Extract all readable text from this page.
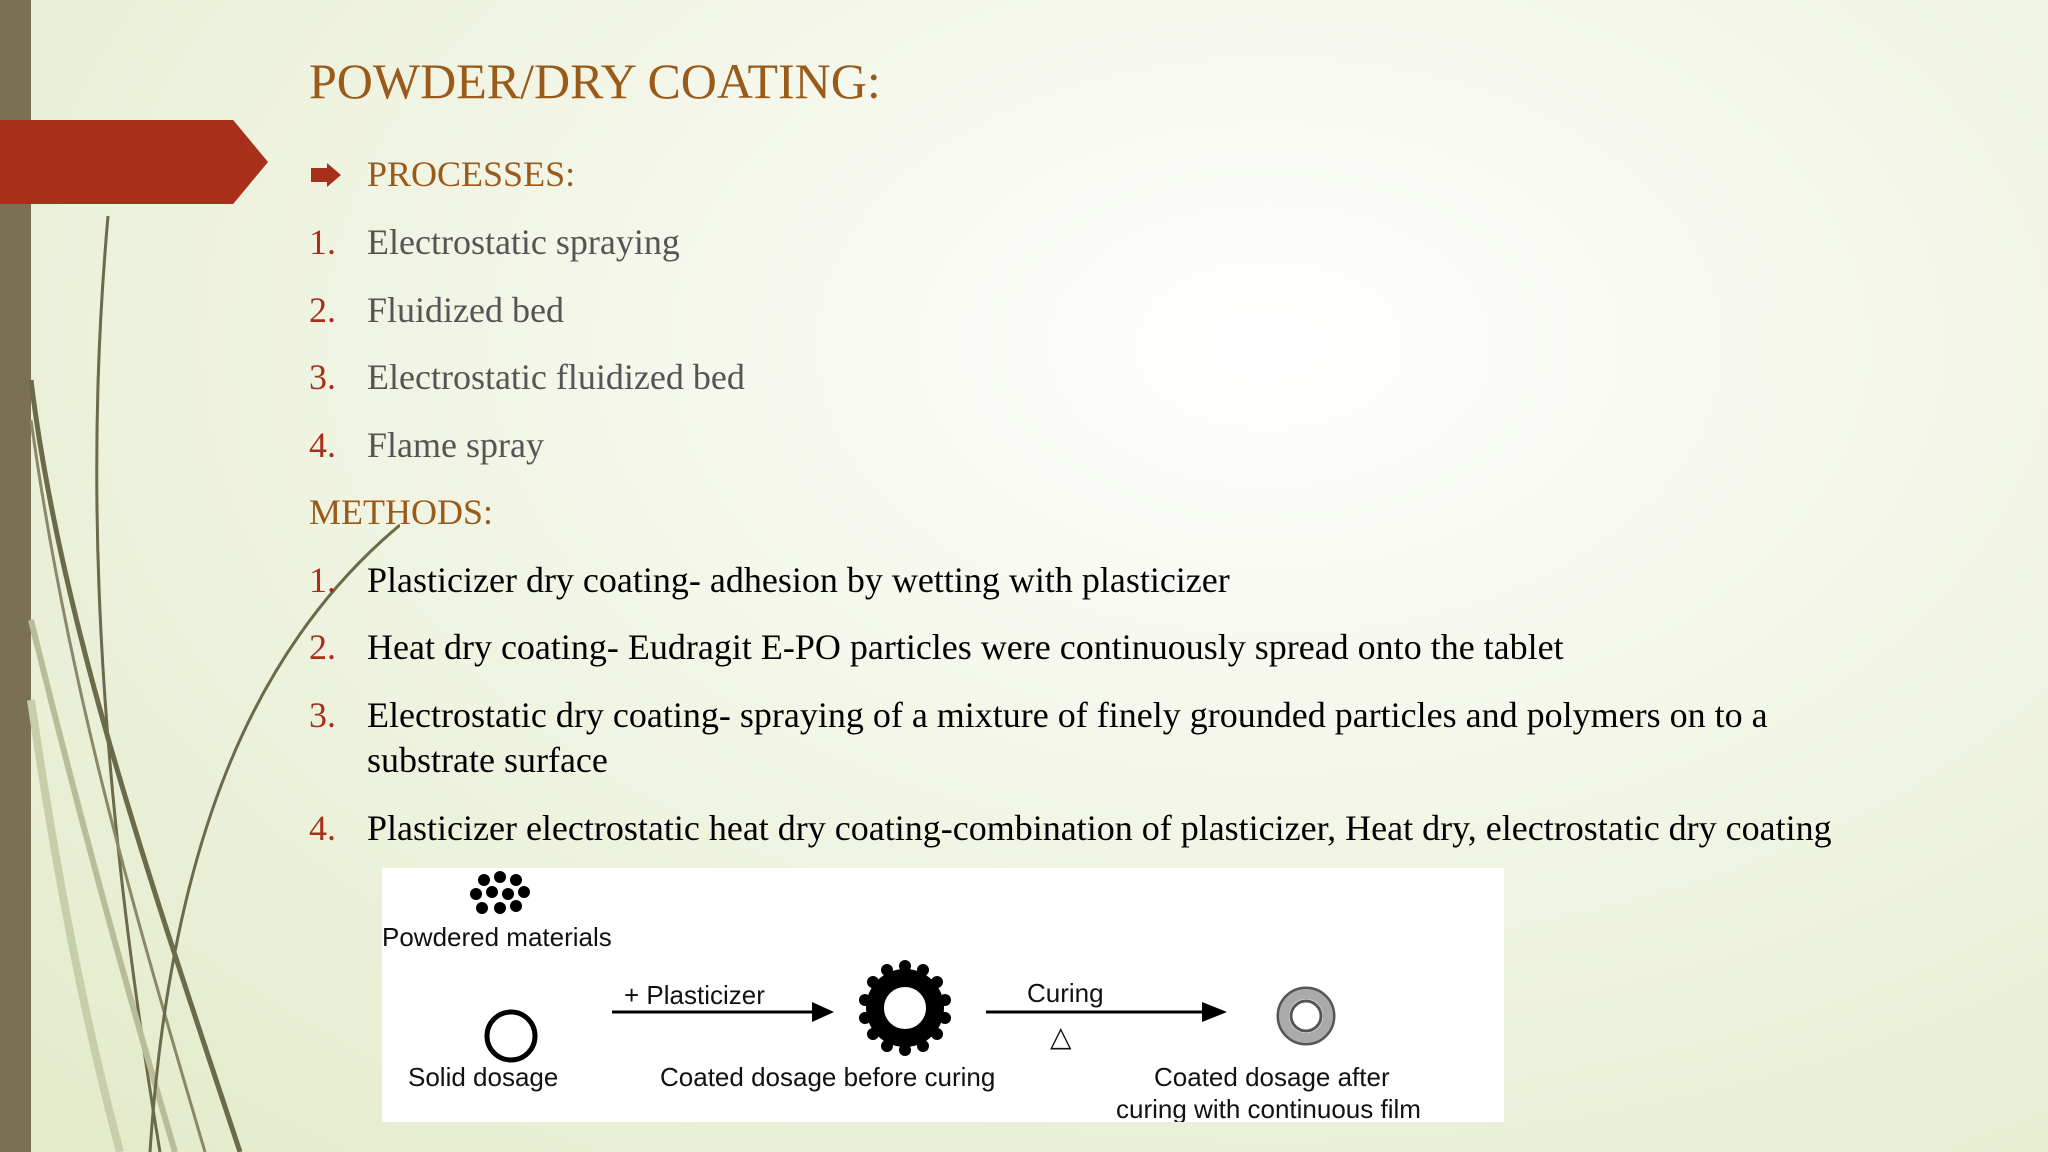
POWDER/DRY COATING:
PROCESSES:
1. Electrostatic spraying
2. Fluidized bed
3. Electrostatic fluidized bed
4. Flame spray
METHODS:
1. Plasticizer dry coating- adhesion by wetting with plasticizer
2. Heat dry coating- Eudragit E-PO particles were continuously spread onto the tablet
3. Electrostatic dry coating- spraying of a mixture of finely grounded particles and polymers on to a
substrate surface
4. Plasticizer electrostatic heat dry coating-combination of plasticizer, Heat dry, electrostatic dry coating
Powdered materials
Solid dosage
+ Plasticizer
Coated dosage before curing
Curing
△
Coated dosage after
curing with continuous film
